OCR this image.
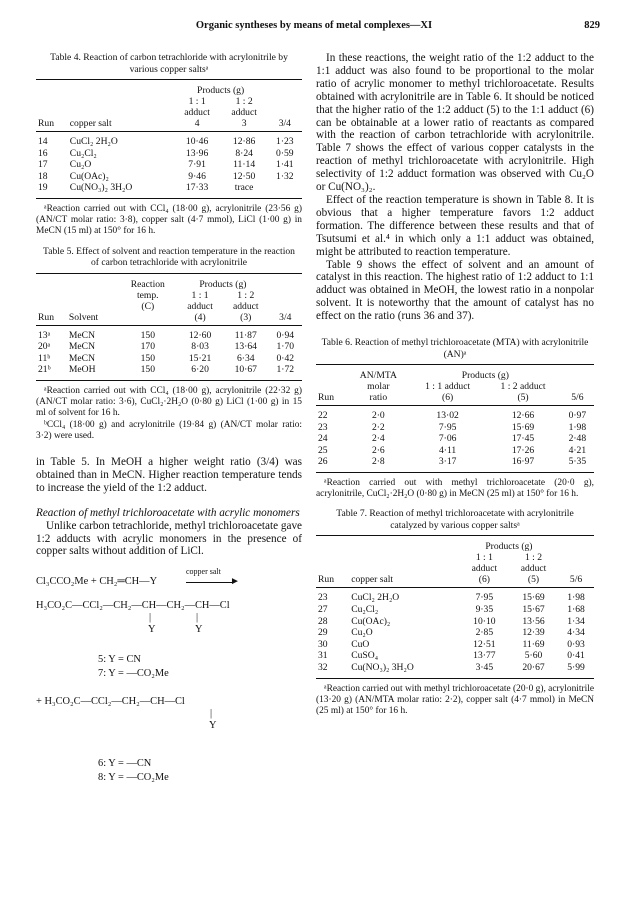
Organic syntheses by means of metal complexes—XI	829
Table 4. Reaction of carbon tetrachloride with acrylonitrile by various copper saltsᵃ
		Products (g)		
		1 : 1	1 : 2	
		adduct	adduct	
Run	copper salt	4	3	3/4
14	CuCl₂ 2H₂O	10·46	12·86	1·23
16	Cu₂Cl₂	13·96	8·24	0·59
17	Cu₂O	7·91	11·14	1·41
18	Cu(OAc)₂	9·46	12·50	1·32
19	Cu(NO₃)₂ 3H₂O	17·33	trace	

ᵃReaction carried out with CCl₄ (18·00 g), acrylonitrile (23·56 g) (AN/CT molar ratio: 3·8), copper salt (4·7 mmol), LiCl (1·00 g) in MeCN (15 ml) at 150° for 16 h.

Table 5. Effect of solvent and reaction temperature in the reaction of carbon tetrachloride with acrylonitrile
		Reaction	Products (g)		
		temp.	1 : 1	1 : 2	
		(C)	adduct	adduct	
Run	Solvent		(4)	(3)	3/4
13ᵃ	MeCN	150	12·60	11·87	0·94
20ᵃ	MeCN	170	8·03	13·64	1·70
11ᵇ	MeCN	150	15·21	6·34	0·42
21ᵇ	MeOH	150	6·20	10·67	1·72

ᵃReaction carried out with CCl₄ (18·00 g), acrylonitrile (22·32 g) (AN/CT molar ratio: 3·6), CuCl₂·2H₂O (0·80 g) LiCl (1·00 g) in 15 ml of solvent for 16 h.

ᵇCCl₄ (18·00 g) and acrylonitrile (19·84 g) (AN/CT molar ratio: 3·2) were used.

in Table 5. In MeOH a higher weight ratio (3/4) was obtained than in MeCN. Higher reaction temperature tends to increase the yield of the 1:2 adduct.

Reaction of methyl trichloroacetate with acrylic monomers

Unlike carbon tetrachloride, methyl trichloroacetate gave 1:2 adducts with acrylic monomers in the presence of copper salts without addition of LiCl.

Cl₃CCO₂Me + CH₂═CH—Y
copper salt
►
H₃CO₂C—CCl₂—CH₂—CH—CH₂—CH—Cl
|	|
Y	Y
5: Y = CN
7: Y = —CO₂Me
+ H₃CO₂C—CCl₂—CH₂—CH—Cl
|
Y
6: Y = —CN
8: Y = —CO₂Me

In these reactions, the weight ratio of the 1:2 adduct to the 1:1 adduct was also found to be proportional to the molar ratio of acrylic monomer to methyl trichloroacetate. Results obtained with acrylonitrile are in Table 6. It should be noticed that the higher ratio of the 1:2 adduct (5) to the 1:1 adduct (6) can be obtainable at a lower ratio of reactants as compared with the reaction of carbon tetrachloride with acrylonitrile. Table 7 shows the effect of various copper catalysts in the reaction of methyl trichloroacetate with acrylonitrile. High selectivity of 1:2 adduct formation was observed with Cu₂O or Cu(NO₃)₂.

Effect of the reaction temperature is shown in Table 8. It is obvious that a higher temperature favors 1:2 adduct formation. The difference between these results and that of Tsutsumi et al.⁴ in which only a 1:1 adduct was obtained, might be attributed to reaction temperature.

Table 9 shows the effect of solvent and an amount of catalyst in this reaction. The highest ratio of 1:2 adduct to 1:1 adduct was obtained in MeOH, the lowest ratio in a nonpolar solvent. It is noteworthy that the amount of catalyst has no effect on the ratio (runs 36 and 37).

Table 6. Reaction of methyl trichloroacetate (MTA) with acrylonitrile (AN)ᵃ
	AN/MTA	Products (g)		
	molar	1 : 1 adduct	1 : 2 adduct	
Run	ratio	(6)	(5)	5/6
22	2·0	13·02	12·66	0·97
23	2·2	7·95	15·69	1·98
24	2·4	7·06	17·45	2·48
25	2·6	4·11	17·26	4·21
26	2·8	3·17	16·97	5·35

ᵃReaction carried out with methyl trichloroacetate (20·0 g), acrylonitrile, CuCl₂·2H₂O (0·80 g) in MeCN (25 ml) at 150° for 16 h.

Table 7. Reaction of methyl trichloroacetate with acrylonitrile catalyzed by various copper saltsᵃ
		Products (g)		
		1 : 1	1 : 2	
		adduct	adduct	
Run	copper salt	(6)	(5)	5/6
23	CuCl₂ 2H₂O	7·95	15·69	1·98
27	Cu₂Cl₂	9·35	15·67	1·68
28	Cu(OAc)₂	10·10	13·56	1·34
29	Cu₂O	2·85	12·39	4·34
30	CuO	12·51	11·69	0·93
31	CuSO₄	13·77	5·60	0·41
32	Cu(NO₃)₂ 3H₂O	3·45	20·67	5·99

ᵃReaction carried out with methyl trichloroacetate (20·0 g), acrylonitrile (13·20 g) (AN/MTA molar ratio: 2·2), copper salt (4·7 mmol) in MeCN (25 ml) at 150° for 16 h.
